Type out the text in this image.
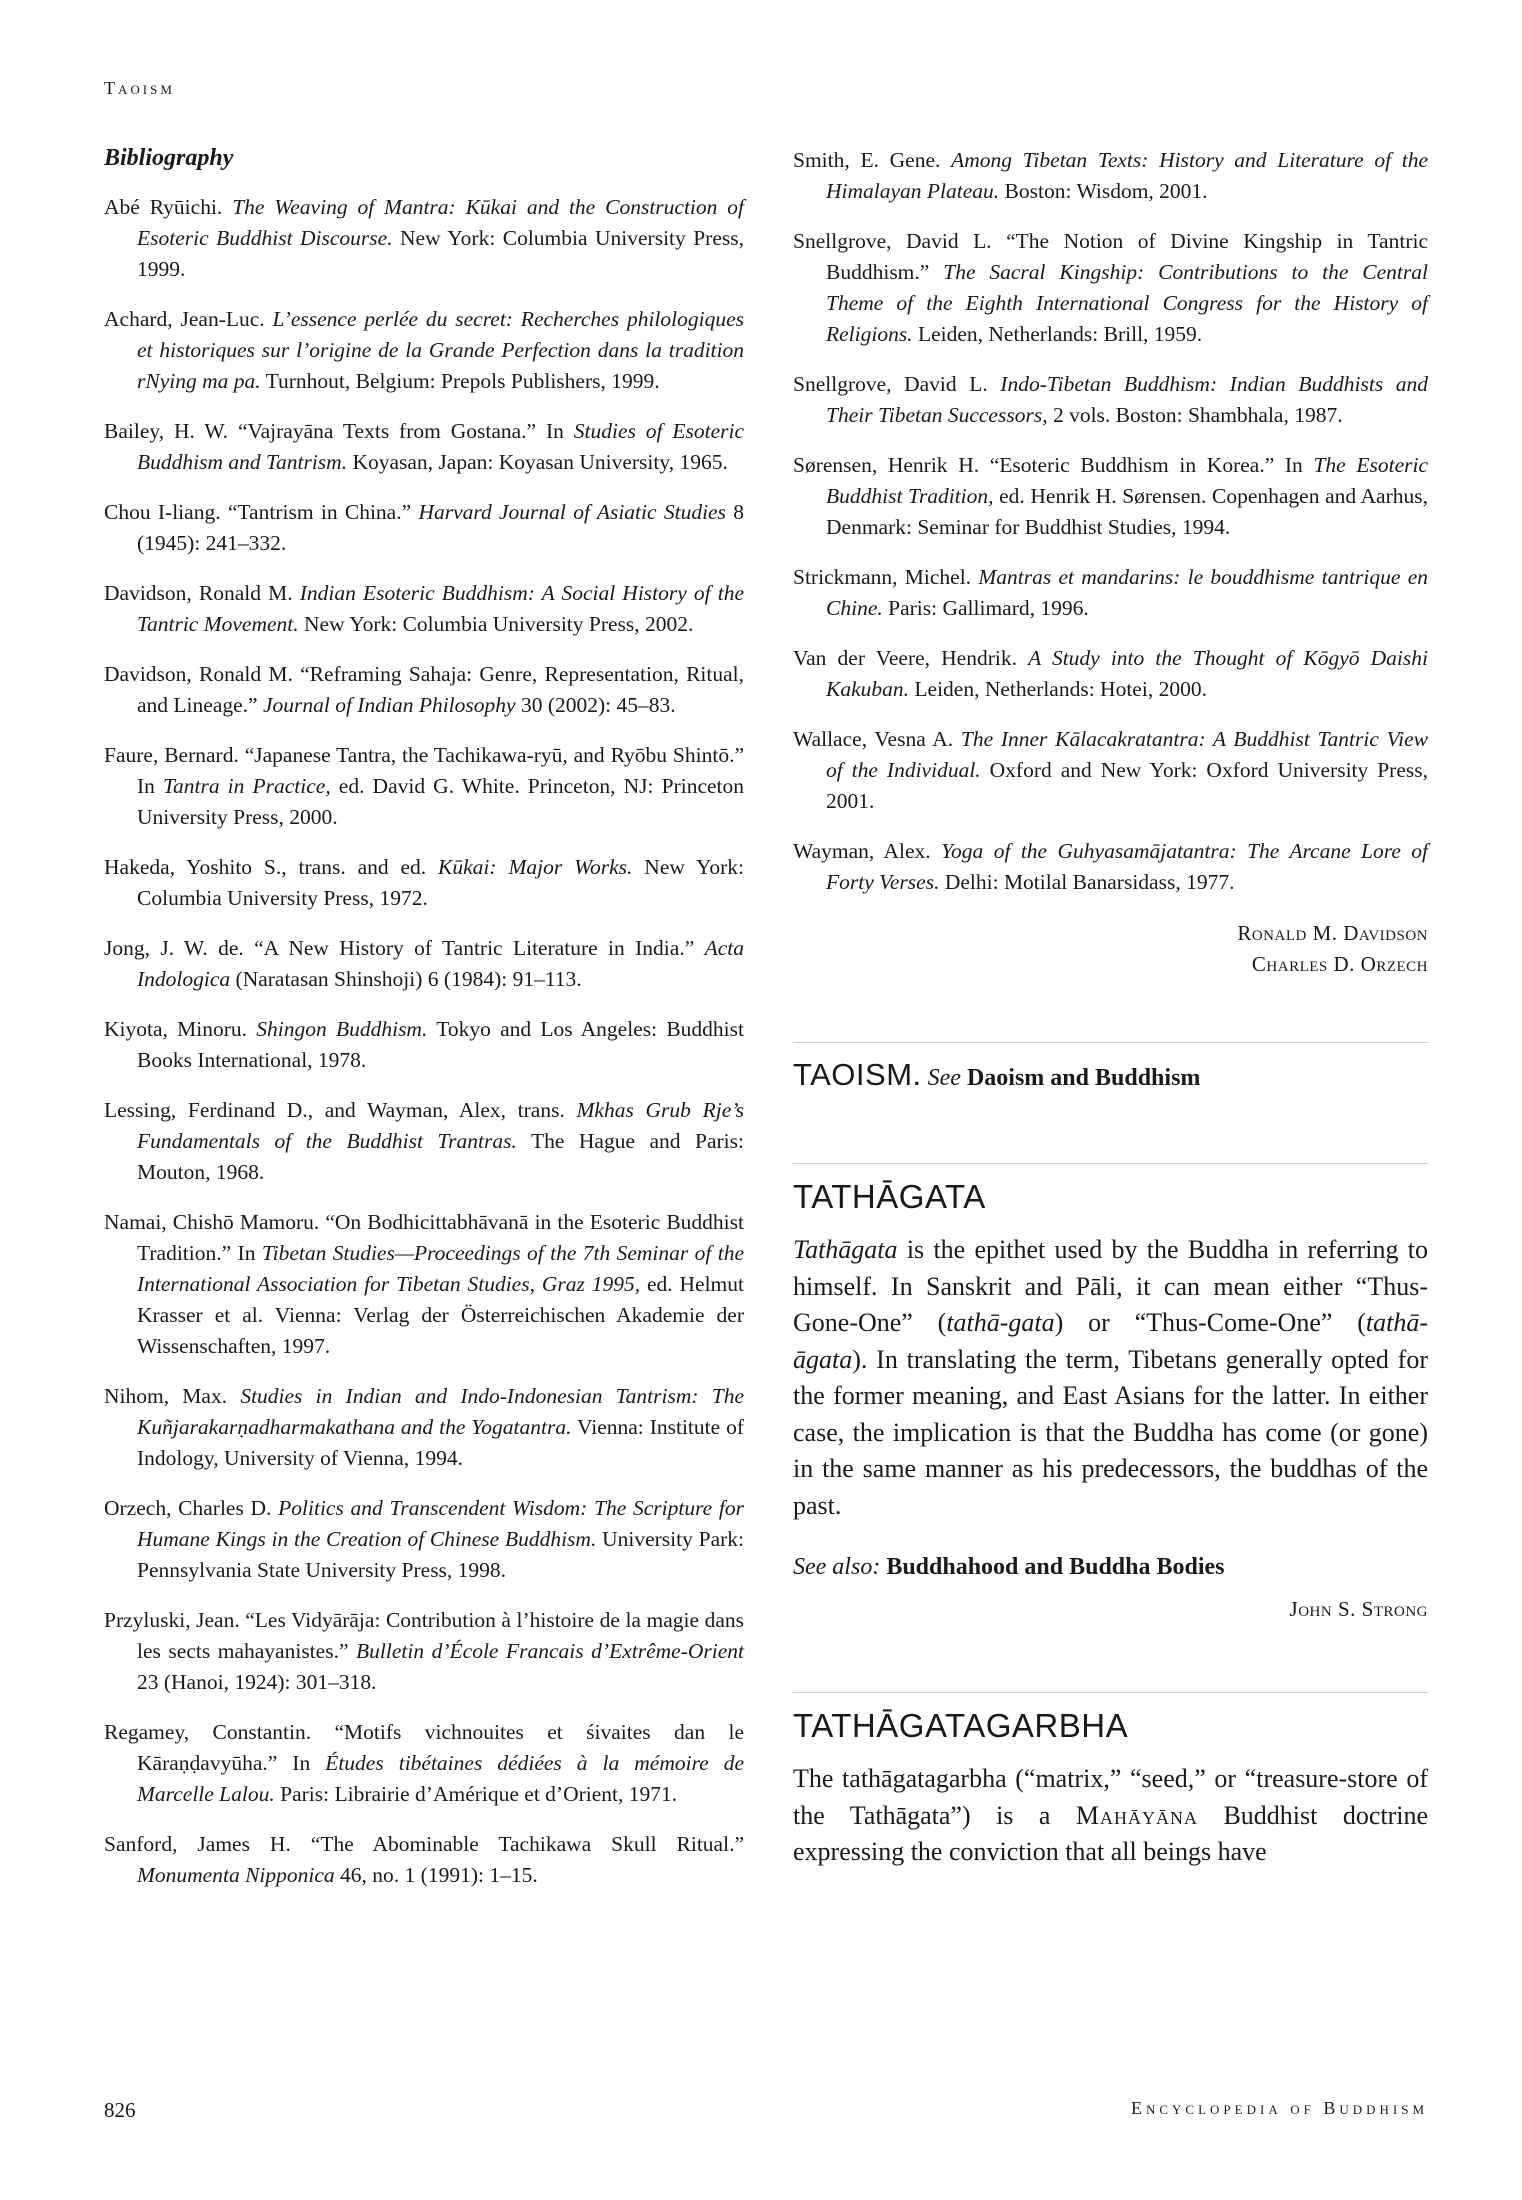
Taoism
Bibliography

Abé Ryūichi. The Weaving of Mantra: Kūkai and the Construction of Esoteric Buddhist Discourse. New York: Columbia University Press, 1999.

Achard, Jean-Luc. L’essence perlée du secret: Recherches philologiques et historiques sur l’origine de la Grande Perfection dans la tradition rNying ma pa. Turnhout, Belgium: Prepols Publishers, 1999.

Bailey, H. W. “Vajrayāna Texts from Gostana.” In Studies of Esoteric Buddhism and Tantrism. Koyasan, Japan: Koyasan University, 1965.

Chou I-liang. “Tantrism in China.” Harvard Journal of Asiatic Studies 8 (1945): 241–332.

Davidson, Ronald M. Indian Esoteric Buddhism: A Social History of the Tantric Movement. New York: Columbia University Press, 2002.

Davidson, Ronald M. “Reframing Sahaja: Genre, Representation, Ritual, and Lineage.” Journal of Indian Philosophy 30 (2002): 45–83.

Faure, Bernard. “Japanese Tantra, the Tachikawa-ryū, and Ryōbu Shintō.” In Tantra in Practice, ed. David G. White. Princeton, NJ: Princeton University Press, 2000.

Hakeda, Yoshito S., trans. and ed. Kūkai: Major Works. New York: Columbia University Press, 1972.

Jong, J. W. de. “A New History of Tantric Literature in India.” Acta Indologica (Naratasan Shinshoji) 6 (1984): 91–113.

Kiyota, Minoru. Shingon Buddhism. Tokyo and Los Angeles: Buddhist Books International, 1978.

Lessing, Ferdinand D., and Wayman, Alex, trans. Mkhas Grub Rje’s Fundamentals of the Buddhist Trantras. The Hague and Paris: Mouton, 1968.

Namai, Chishō Mamoru. “On Bodhicittabhāvanā in the Esoteric Buddhist Tradition.” In Tibetan Studies—Proceedings of the 7th Seminar of the International Association for Tibetan Studies, Graz 1995, ed. Helmut Krasser et al. Vienna: Verlag der Österreichischen Akademie der Wissenschaften, 1997.

Nihom, Max. Studies in Indian and Indo-Indonesian Tantrism: The Kuñjarakarṇadharmakathana and the Yogatantra. Vienna: Institute of Indology, University of Vienna, 1994.

Orzech, Charles D. Politics and Transcendent Wisdom: The Scripture for Humane Kings in the Creation of Chinese Buddhism. University Park: Pennsylvania State University Press, 1998.

Przyluski, Jean. “Les Vidyārāja: Contribution à l’histoire de la magie dans les sects mahayanistes.” Bulletin d’École Francais d’Extrême-Orient 23 (Hanoi, 1924): 301–318.

Regamey, Constantin. “Motifs vichnouites et śivaites dan le Kāraṇḍavyūha.” In Études tibétaines dédiées à la mémoire de Marcelle Lalou. Paris: Librairie d’Amérique et d’Orient, 1971.

Sanford, James H. “The Abominable Tachikawa Skull Ritual.” Monumenta Nipponica 46, no. 1 (1991): 1–15.

Smith, E. Gene. Among Tibetan Texts: History and Literature of the Himalayan Plateau. Boston: Wisdom, 2001.

Snellgrove, David L. “The Notion of Divine Kingship in Tantric Buddhism.” The Sacral Kingship: Contributions to the Central Theme of the Eighth International Congress for the History of Religions. Leiden, Netherlands: Brill, 1959.

Snellgrove, David L. Indo-Tibetan Buddhism: Indian Buddhists and Their Tibetan Successors, 2 vols. Boston: Shambhala, 1987.

Sørensen, Henrik H. “Esoteric Buddhism in Korea.” In The Esoteric Buddhist Tradition, ed. Henrik H. Sørensen. Copenhagen and Aarhus, Denmark: Seminar for Buddhist Studies, 1994.

Strickmann, Michel. Mantras et mandarins: le bouddhisme tantrique en Chine. Paris: Gallimard, 1996.

Van der Veere, Hendrik. A Study into the Thought of Kōgyō Daishi Kakuban. Leiden, Netherlands: Hotei, 2000.

Wallace, Vesna A. The Inner Kālacakratantra: A Buddhist Tantric View of the Individual. Oxford and New York: Oxford University Press, 2001.

Wayman, Alex. Yoga of the Guhyasamājatantra: The Arcane Lore of Forty Verses. Delhi: Motilal Banarsidass, 1977.

Ronald M. Davidson
Charles D. Orzech
TAOISM. See Daoism and Buddhism
TATHĀGATA

Tathāgata is the epithet used by the Buddha in referring to himself. In Sanskrit and Pāli, it can mean either “Thus-Gone-One” (tathā-gata) or “Thus-Come-One” (tathā-āgata). In translating the term, Tibetans generally opted for the former meaning, and East Asians for the latter. In either case, the implication is that the Buddha has come (or gone) in the same manner as his predecessors, the buddhas of the past.

See also: Buddhahood and Buddha Bodies

John S. Strong
TATHĀGATAGARBHA

The tathāgatagarbha (“matrix,” “seed,” or “treasure-store of the Tathāgata”) is a Mahāyāna Buddhist doctrine expressing the conviction that all beings have

826	Encyclopedia of Buddhism
